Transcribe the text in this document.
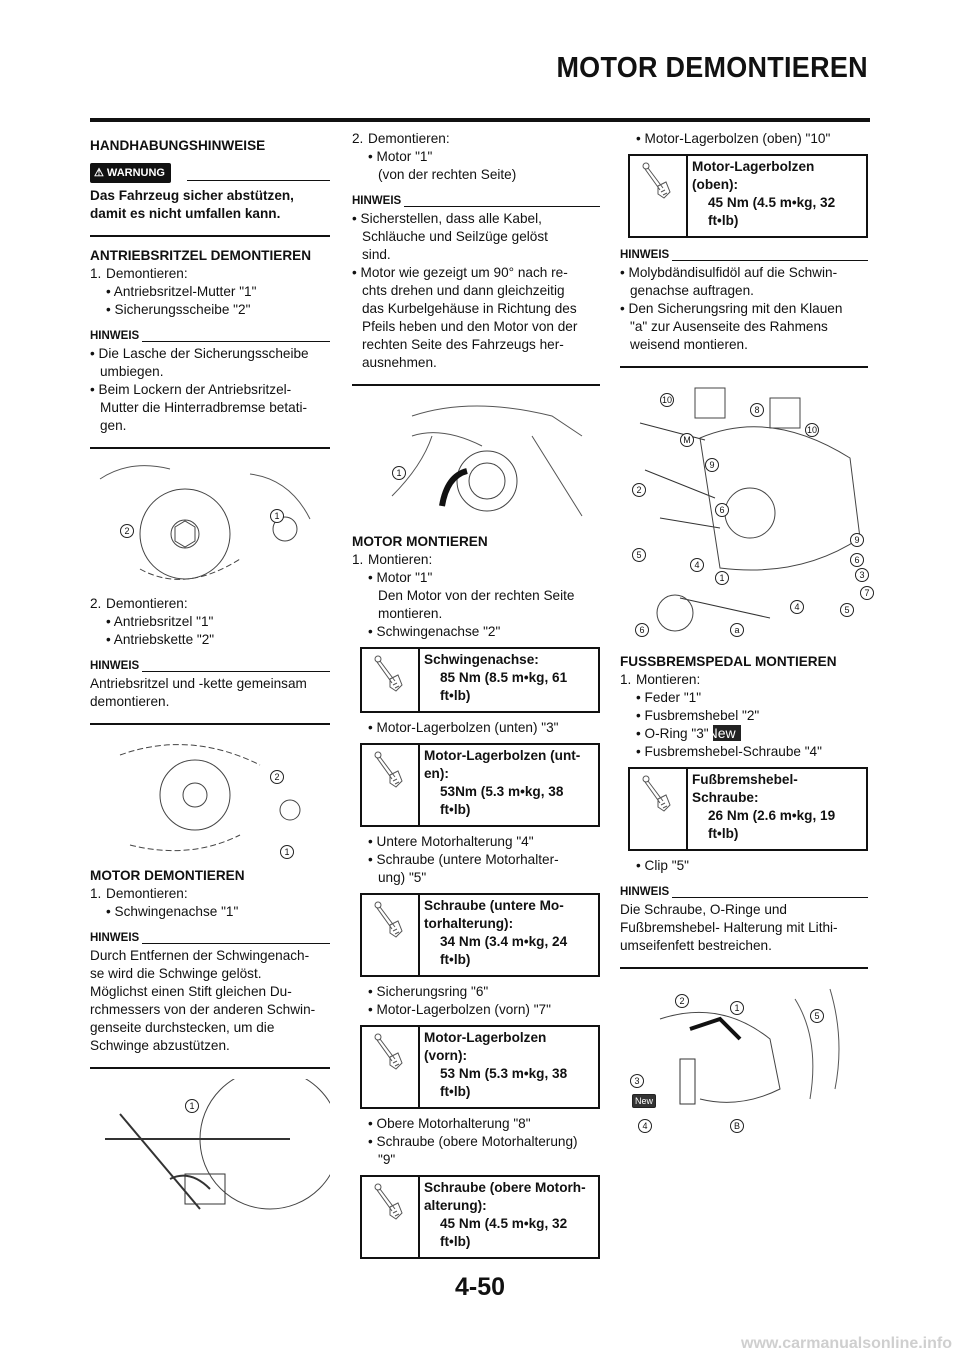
MOTOR DEMONTIEREN
HANDHABUNGSHINWEISE
⚠ WARNUNG
Das Fahrzeug sicher abstützen,
damit es nicht umfallen kann.
ANTRIEBSRITZEL DEMONTIEREN
1. Demontieren:
• Antriebsritzel-Mutter "1"
• Sicherungsscheibe "2"
HINWEIS
• Die Lasche der Sicherungsscheibe
umbiegen.
• Beim Lockern der Antriebsritzel-
Mutter die Hinterradbremse betati-
gen.
1
2
2. Demontieren:
• Antriebsritzel "1"
• Antriebskette "2"
HINWEIS
Antriebsritzel und -kette gemeinsam
demontieren.
2
1
MOTOR DEMONTIEREN
1. Demontieren:
• Schwingenachse "1"
HINWEIS
Durch Entfernen der Schwingenach-
se wird die Schwinge gelöst.
Möglichst einen Stift gleichen Du-
rchmessers von der anderen Schwin-
genseite durchstecken, um die
Schwinge abzustützen.
1
2. Demontieren:
• Motor "1"
(von der rechten Seite)
HINWEIS
• Sicherstellen, dass alle Kabel,
Schläuche und Seilzüge gelöst
sind.
• Motor wie gezeigt um 90° nach re-
chts drehen und dann gleichzeitig
das Kurbelgehäuse in Richtung des
Pfeils heben und den Motor von der
rechten Seite des Fahrzeugs her-
ausnehmen.
1
MOTOR MONTIEREN
1. Montieren:
• Motor "1"
Den Motor von der rechten Seite
montieren.
• Schwingenachse "2"
Schwingenachse:
85 Nm (8.5 m•kg, 61
ft•lb)
• Motor-Lagerbolzen (unten) "3"
Motor-Lagerbolzen (unt-
en):
53Nm (5.3 m•kg, 38
ft•lb)
• Untere Motorhalterung "4"
• Schraube (untere Motorhalter-
ung) "5"
Schraube (untere Mo-
torhalterung):
34 Nm (3.4 m•kg, 24
ft•lb)
• Sicherungsring "6"
• Motor-Lagerbolzen (vorn) "7"
Motor-Lagerbolzen
(vorn):
53 Nm (5.3 m•kg, 38
ft•lb)
• Obere Motorhalterung "8"
• Schraube (obere Motorhalterung)
"9"
Schraube (obere Motorh-
alterung):
45 Nm (4.5 m•kg, 32
ft•lb)
• Motor-Lagerbolzen (oben) "10"
Motor-Lagerbolzen
(oben):
45 Nm (4.5 m•kg, 32
ft•lb)
HINWEIS
• Molybdändisulfidöl auf die Schwin-
genachse auftragen.
• Den Sicherungsring mit den Klauen
"a" zur Ausenseite des Rahmens
weisend montieren.
10
8
10
9
2
6
9
5
4	6
1	3
7
4	5
6	a
M
FUSSBREMSPEDAL MONTIEREN
1. Montieren:
• Feder "1"
• Fusbremshebel "2"
• O-Ring "3"New
• Fusbremshebel-Schraube "4"
Fußbremshebel-
Schraube:
26 Nm (2.6 m•kg, 19
ft•lb)
• Clip "5"
HINWEIS
Die Schraube, O-Ringe und
Fußbremshebel- Halterung mit Lithi-
umseifenfett bestreichen.
2
1
5
3
4
New
B
4-50
www.carmanualsonline.info
